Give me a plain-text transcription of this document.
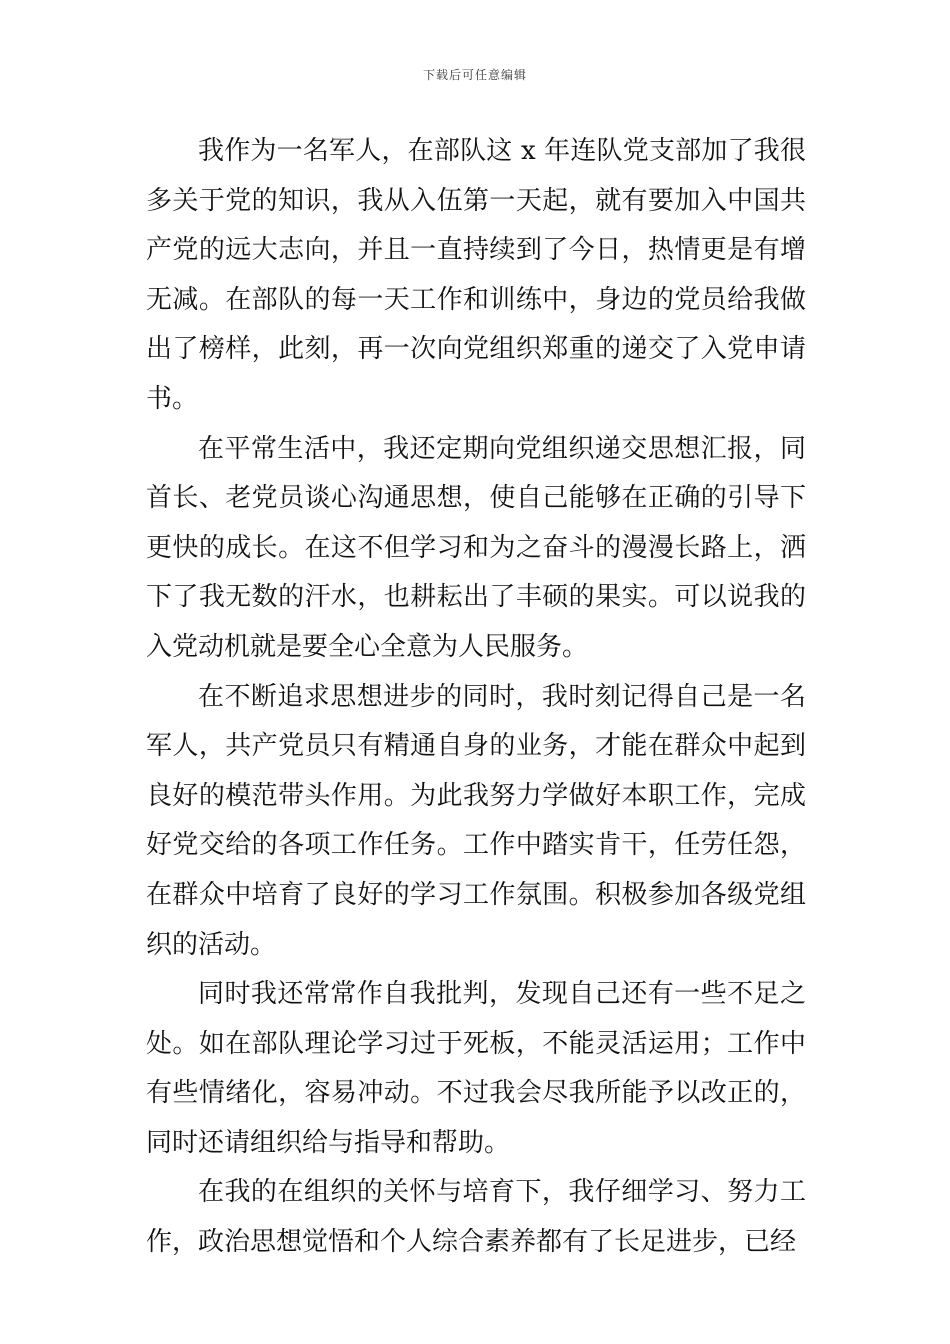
下载后可任意编辑

我作为一名军人，在部队这 x 年连队党支部加了我很多关于党的知识，我从入伍第一天起，就有要加入中国共产党的远大志向，并且一直持续到了今日，热情更是有增无减。在部队的每一天工作和训练中，身边的党员给我做出了榜样，此刻，再一次向党组织郑重的递交了入党申请书。

在平常生活中，我还定期向党组织递交思想汇报，同首长、老党员谈心沟通思想，使自己能够在正确的引导下更快的成长。在这不但学习和为之奋斗的漫漫长路上，洒下了我无数的汗水，也耕耘出了丰硕的果实。可以说我的入党动机就是要全心全意为人民服务。

在不断追求思想进步的同时，我时刻记得自己是一名军人，共产党员只有精通自身的业务，才能在群众中起到良好的模范带头作用。为此我努力学做好本职工作，完成好党交给的各项工作任务。工作中踏实肯干，任劳任怨，在群众中培育了良好的学习工作氛围。积极参加各级党组织的活动。

同时我还常常作自我批判，发现自己还有一些不足之处。如在部队理论学习过于死板，不能灵活运用；工作中有些情绪化，容易冲动。不过我会尽我所能予以改正的，同时还请组织给与指导和帮助。

在我的在组织的关怀与培育下，我仔细学习、努力工作，政治思想觉悟和个人综合素养都有了长足进步，已经
